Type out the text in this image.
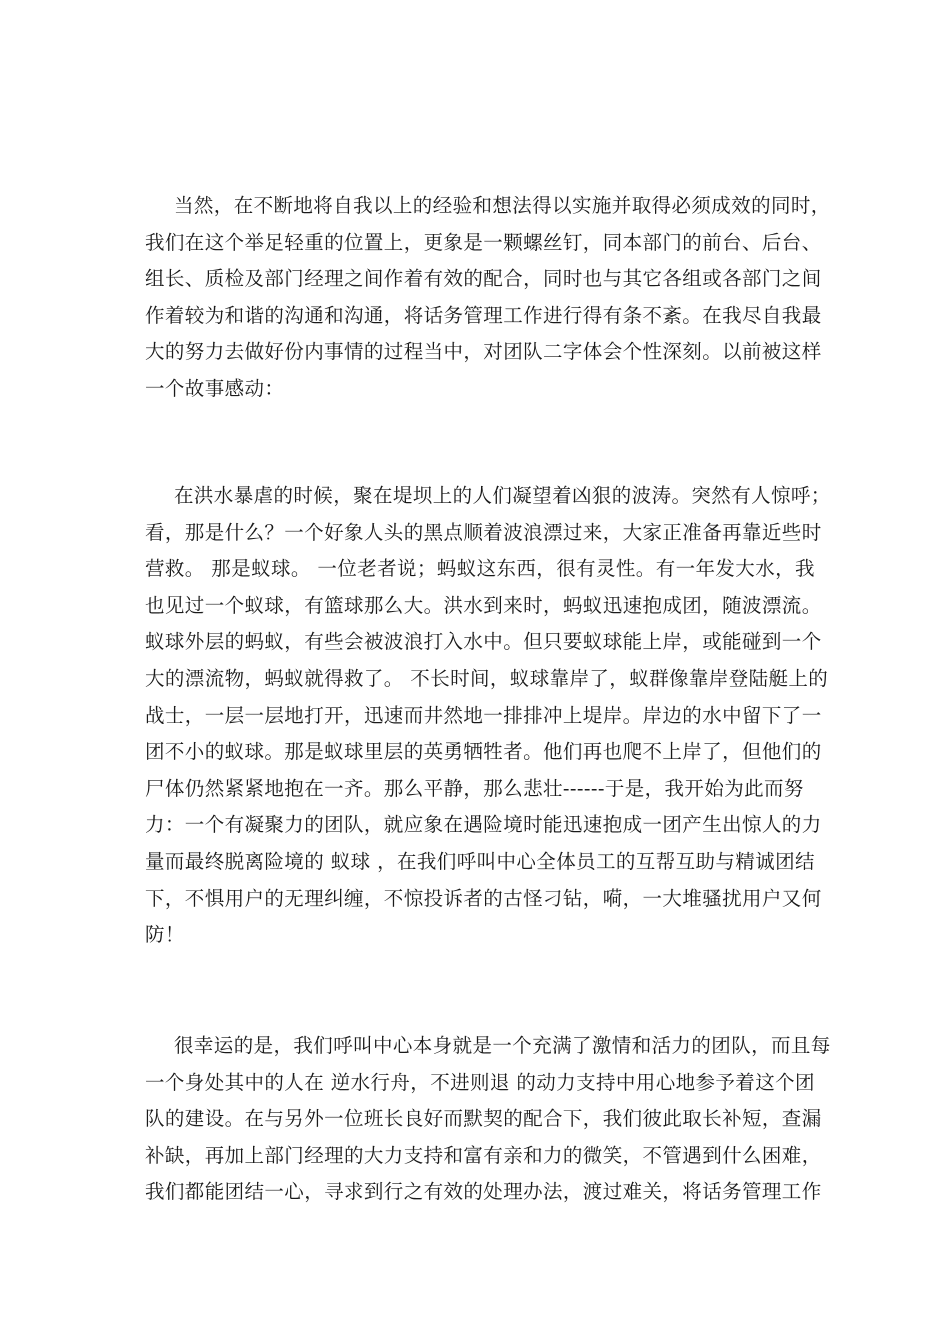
当然，在不断地将自我以上的经验和想法得以实施并取得必须成效的同时，
我们在这个举足轻重的位置上，更象是一颗螺丝钉，同本部门的前台、后台、
组长、质检及部门经理之间作着有效的配合，同时也与其它各组或各部门之间
作着较为和谐的沟通和沟通，将话务管理工作进行得有条不紊。在我尽自我最
大的努力去做好份内事情的过程当中，对团队二字体会个性深刻。以前被这样
一个故事感动：

在洪水暴虐的时候，聚在堤坝上的人们凝望着凶狠的波涛。突然有人惊呼；
看，那是什么？一个好象人头的黑点顺着波浪漂过来，大家正准备再靠近些时
营救。 那是蚁球。 一位老者说；蚂蚁这东西，很有灵性。有一年发大水，我
也见过一个蚁球，有篮球那么大。洪水到来时，蚂蚁迅速抱成团，随波漂流。
蚁球外层的蚂蚁，有些会被波浪打入水中。但只要蚁球能上岸，或能碰到一个
大的漂流物，蚂蚁就得救了。 不长时间，蚁球靠岸了，蚁群像靠岸登陆艇上的
战士，一层一层地打开，迅速而井然地一排排冲上堤岸。岸边的水中留下了一
团不小的蚁球。那是蚁球里层的英勇牺牲者。他们再也爬不上岸了，但他们的
尸体仍然紧紧地抱在一齐。那么平静，那么悲壮------于是，我开始为此而努
力：一个有凝聚力的团队，就应象在遇险境时能迅速抱成一团产生出惊人的力
量而最终脱离险境的 蚁球 ，在我们呼叫中心全体员工的互帮互助与精诚团结
下，不惧用户的无理纠缠，不惊投诉者的古怪刁钻，嗬，一大堆骚扰用户又何
防！

很幸运的是，我们呼叫中心本身就是一个充满了激情和活力的团队，而且每
一个身处其中的人在 逆水行舟，不进则退 的动力支持中用心地参予着这个团
队的建设。在与另外一位班长良好而默契的配合下，我们彼此取长补短，查漏
补缺，再加上部门经理的大力支持和富有亲和力的微笑，不管遇到什么困难，
我们都能团结一心，寻求到行之有效的处理办法，渡过难关，将话务管理工作
